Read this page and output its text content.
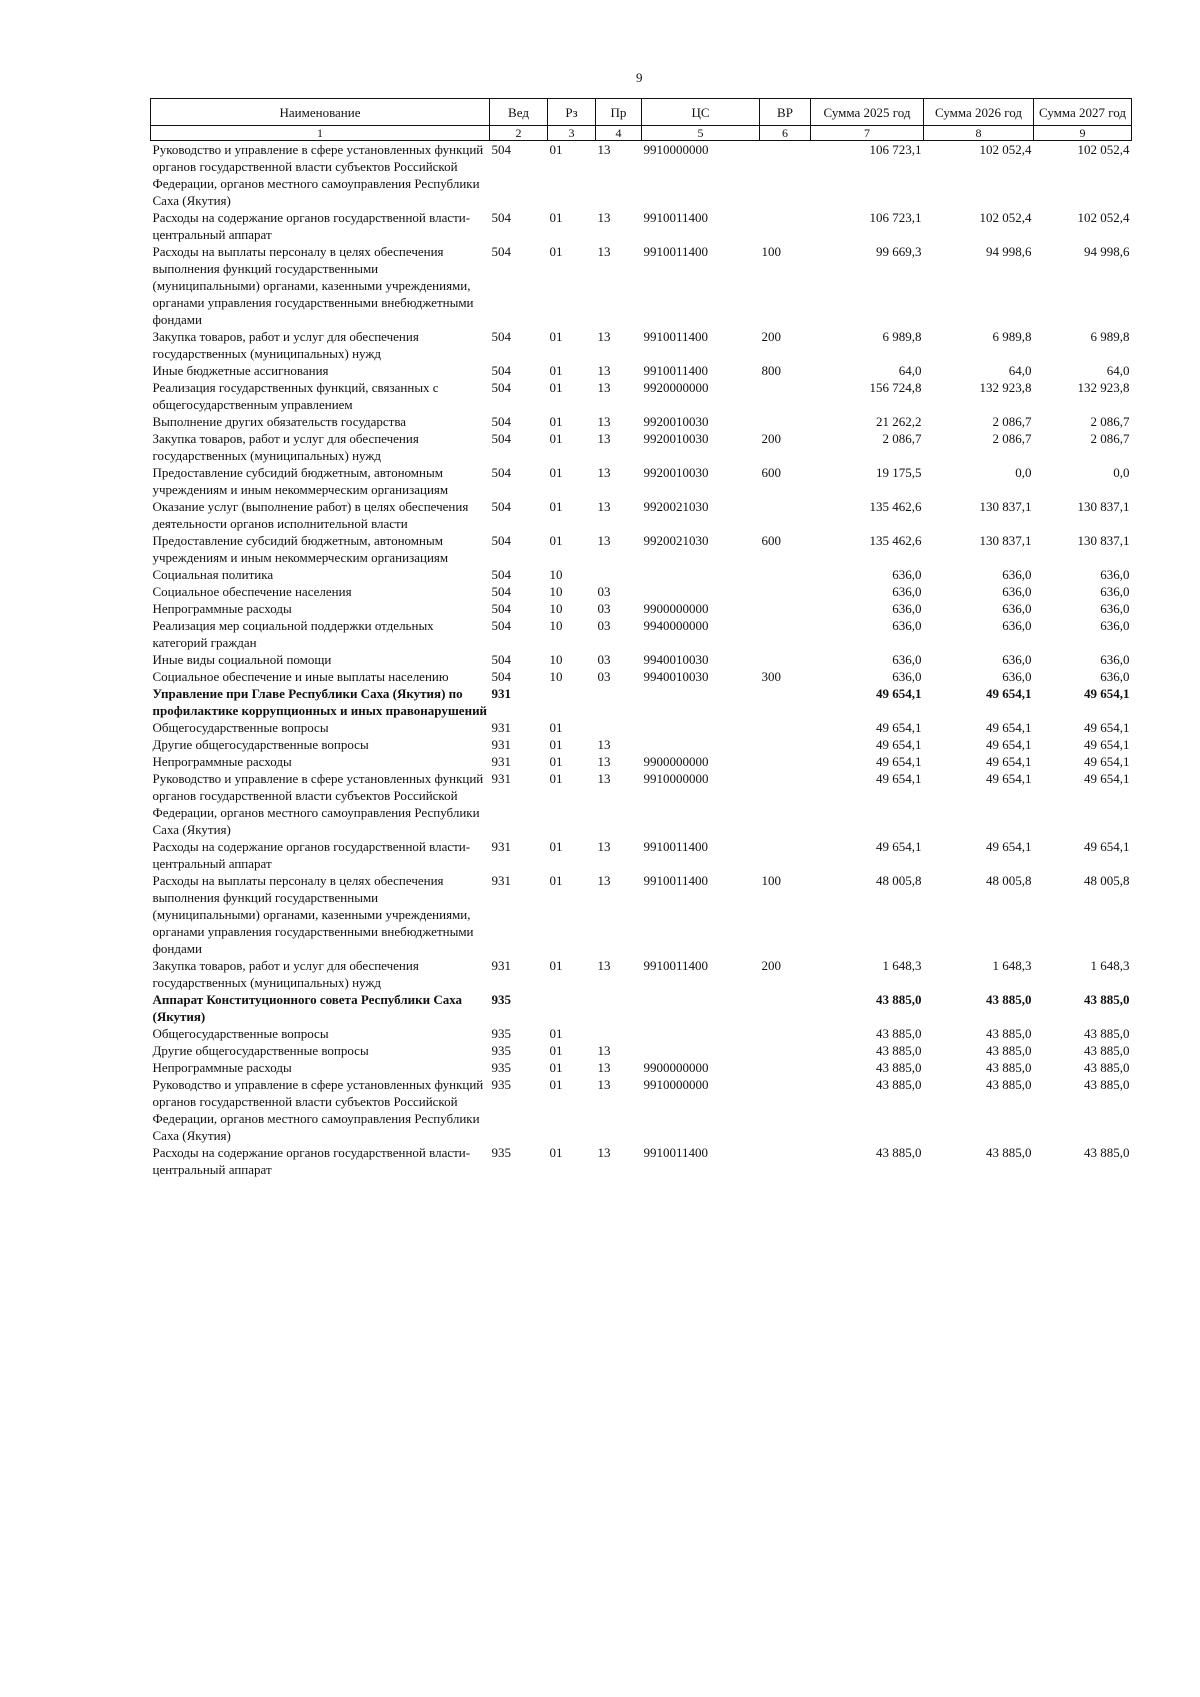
9
Наименование	Вед	Рз	Пр	ЦС	ВР	Сумма 2025 год	Сумма 2026 год	Сумма 2027 год
1	2	3	4	5	6	7	8	9
Руководство и управление в сфере установленных функций органов государственной власти субъектов Российской Федерации, органов местного самоуправления Республики Саха (Якутия)	504	01	13	9910000000		106 723,1	102 052,4	102 052,4
Расходы на содержание органов государственной власти- центральный аппарат	504	01	13	9910011400		106 723,1	102 052,4	102 052,4
Расходы на выплаты персоналу в целях обеспечения выполнения функций государственными (муниципальными) органами, казенными учреждениями, органами управления государственными внебюджетными фондами	504	01	13	9910011400	100	99 669,3	94 998,6	94 998,6
Закупка товаров, работ и услуг для обеспечения государственных (муниципальных) нужд	504	01	13	9910011400	200	6 989,8	6 989,8	6 989,8
Иные бюджетные ассигнования	504	01	13	9910011400	800	64,0	64,0	64,0
Реализация государственных функций, связанных с общегосударственным управлением	504	01	13	9920000000		156 724,8	132 923,8	132 923,8
Выполнение других обязательств государства	504	01	13	9920010030		21 262,2	2 086,7	2 086,7
Закупка товаров, работ и услуг для обеспечения государственных (муниципальных) нужд	504	01	13	9920010030	200	2 086,7	2 086,7	2 086,7
Предоставление субсидий бюджетным, автономным учреждениям и иным некоммерческим организациям	504	01	13	9920010030	600	19 175,5	0,0	0,0
Оказание услуг (выполнение работ) в целях обеспечения деятельности органов исполнительной власти	504	01	13	9920021030		135 462,6	130 837,1	130 837,1
Предоставление субсидий бюджетным, автономным учреждениям и иным некоммерческим организациям	504	01	13	9920021030	600	135 462,6	130 837,1	130 837,1
Социальная политика	504	10				636,0	636,0	636,0
Социальное обеспечение населения	504	10	03			636,0	636,0	636,0
Непрограммные расходы	504	10	03	9900000000		636,0	636,0	636,0
Реализация мер социальной поддержки отдельных категорий граждан	504	10	03	9940000000		636,0	636,0	636,0
Иные виды социальной помощи	504	10	03	9940010030		636,0	636,0	636,0
Социальное обеспечение и иные выплаты населению	504	10	03	9940010030	300	636,0	636,0	636,0
Управление при Главе Республики Саха (Якутия) по профилактике коррупционных и иных правонарушений	931					49 654,1	49 654,1	49 654,1
Общегосударственные вопросы	931	01				49 654,1	49 654,1	49 654,1
Другие общегосударственные вопросы	931	01	13			49 654,1	49 654,1	49 654,1
Непрограммные расходы	931	01	13	9900000000		49 654,1	49 654,1	49 654,1
Руководство и управление в сфере установленных функций органов государственной власти субъектов Российской Федерации, органов местного самоуправления Республики Саха (Якутия)	931	01	13	9910000000		49 654,1	49 654,1	49 654,1
Расходы на содержание органов государственной власти- центральный аппарат	931	01	13	9910011400		49 654,1	49 654,1	49 654,1
Расходы на выплаты персоналу в целях обеспечения выполнения функций государственными (муниципальными) органами, казенными учреждениями, органами управления государственными внебюджетными фондами	931	01	13	9910011400	100	48 005,8	48 005,8	48 005,8
Закупка товаров, работ и услуг для обеспечения государственных (муниципальных) нужд	931	01	13	9910011400	200	1 648,3	1 648,3	1 648,3
Аппарат Конституционного совета Республики Саха (Якутия)	935					43 885,0	43 885,0	43 885,0
Общегосударственные вопросы	935	01				43 885,0	43 885,0	43 885,0
Другие общегосударственные вопросы	935	01	13			43 885,0	43 885,0	43 885,0
Непрограммные расходы	935	01	13	9900000000		43 885,0	43 885,0	43 885,0
Руководство и управление в сфере установленных функций органов государственной власти субъектов Российской Федерации, органов местного самоуправления Республики Саха (Якутия)	935	01	13	9910000000		43 885,0	43 885,0	43 885,0
Расходы на содержание органов государственной власти- центральный аппарат	935	01	13	9910011400		43 885,0	43 885,0	43 885,0
